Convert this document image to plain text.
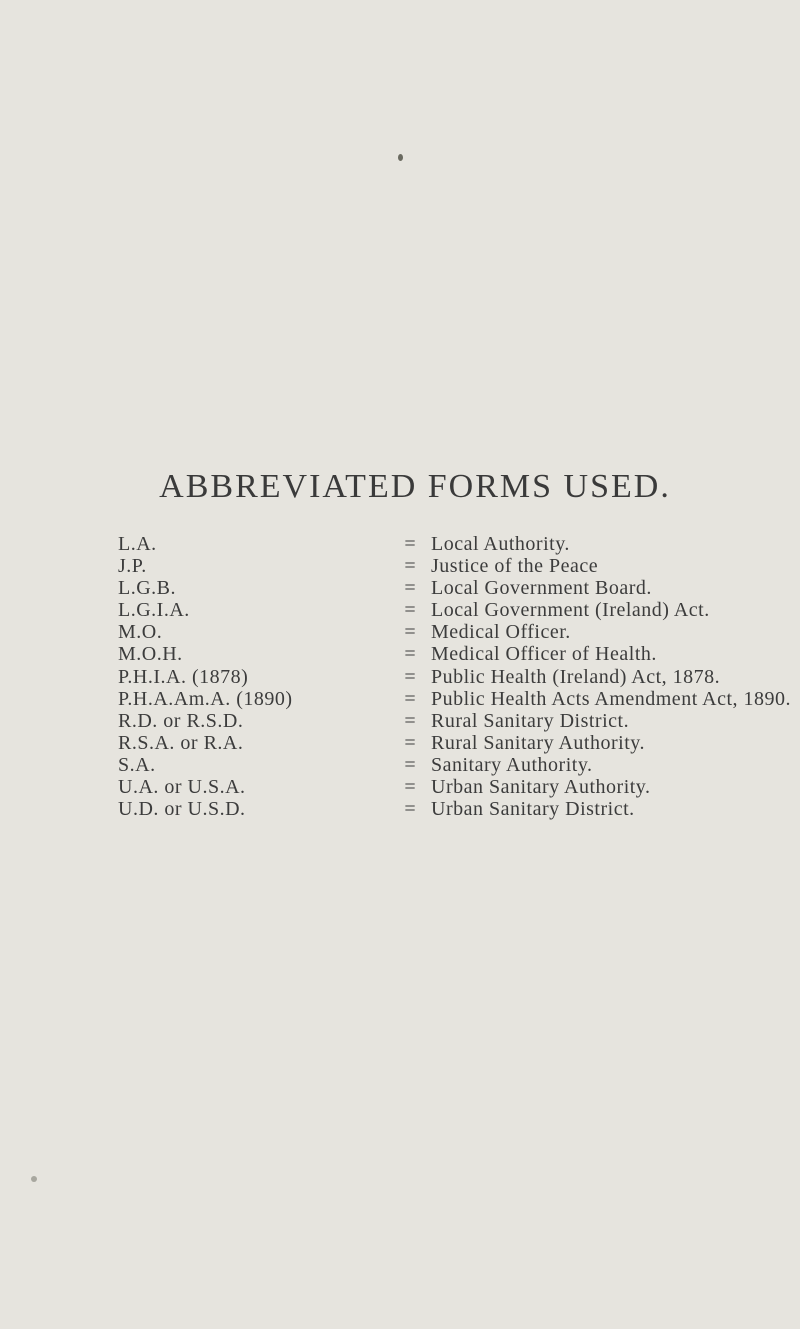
ABBREVIATED FORMS USED.
L.A.	= Local Authority.
J.P.	= Justice of the Peace
L.G.B.	= Local Government Board.
L.G.I.A.	= Local Government (Ireland) Act.
M.O.	= Medical Officer.
M.O.H.	= Medical Officer of Health.
P.H.I.A. (1878)	= Public Health (Ireland) Act, 1878.
P.H.A.Am.A. (1890)	= Public Health Acts Amendment Act, 1890.
R.D. or R.S.D.	= Rural Sanitary District.
R.S.A. or R.A.	= Rural Sanitary Authority.
S.A.	= Sanitary Authority.
U.A. or U.S.A.	= Urban Sanitary Authority.
U.D. or U.S.D.	= Urban Sanitary District.
